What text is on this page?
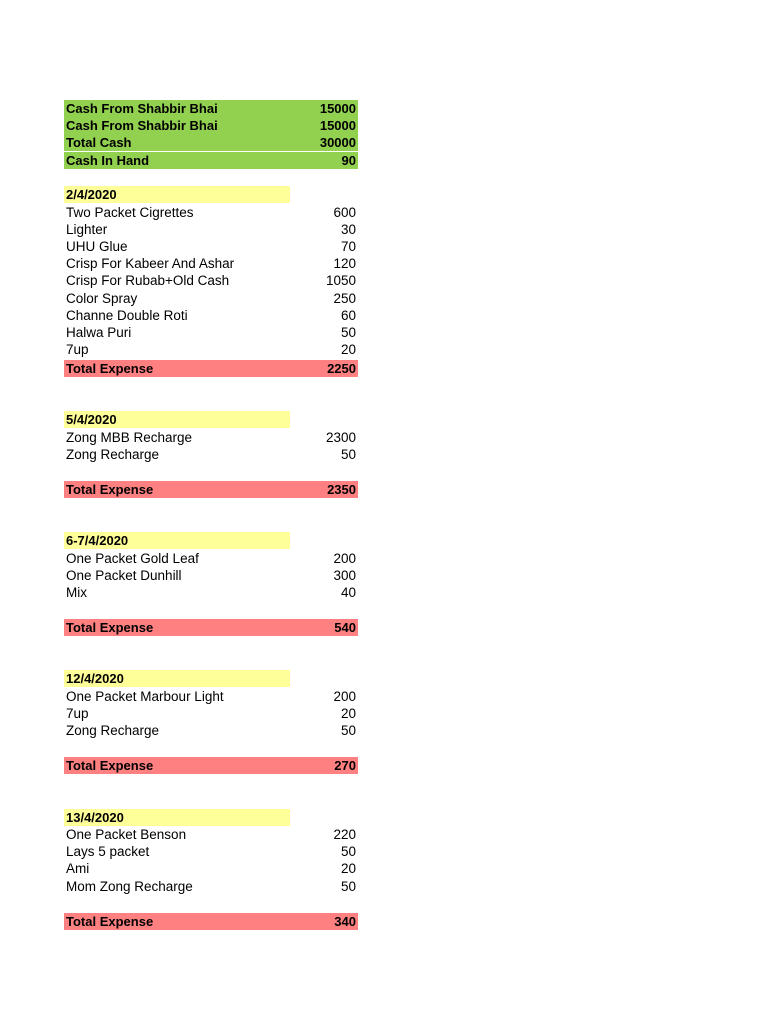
Cash From Shabbir Bhai	15000
Cash From Shabbir Bhai	15000
Total Cash	30000
Cash In Hand	90
2/4/2020
Two Packet Cigrettes	600
Lighter	30
UHU Glue	70
Crisp For Kabeer And Ashar	120
Crisp For Rubab+Old Cash	1050
Color Spray	250
Channe Double Roti	60
Halwa Puri	50
7up	20
Total Expense	2250
5/4/2020
Zong MBB Recharge	2300
Zong Recharge	50
Total Expense	2350
6-7/4/2020
One Packet Gold Leaf	200
One Packet Dunhill	300
Mix	40
Total Expense	540
12/4/2020
One Packet Marbour Light	200
7up	20
Zong Recharge	50
Total Expense	270
13/4/2020
One Packet Benson	220
Lays 5 packet	50
Ami	20
Mom Zong Recharge	50
Total Expense	340
